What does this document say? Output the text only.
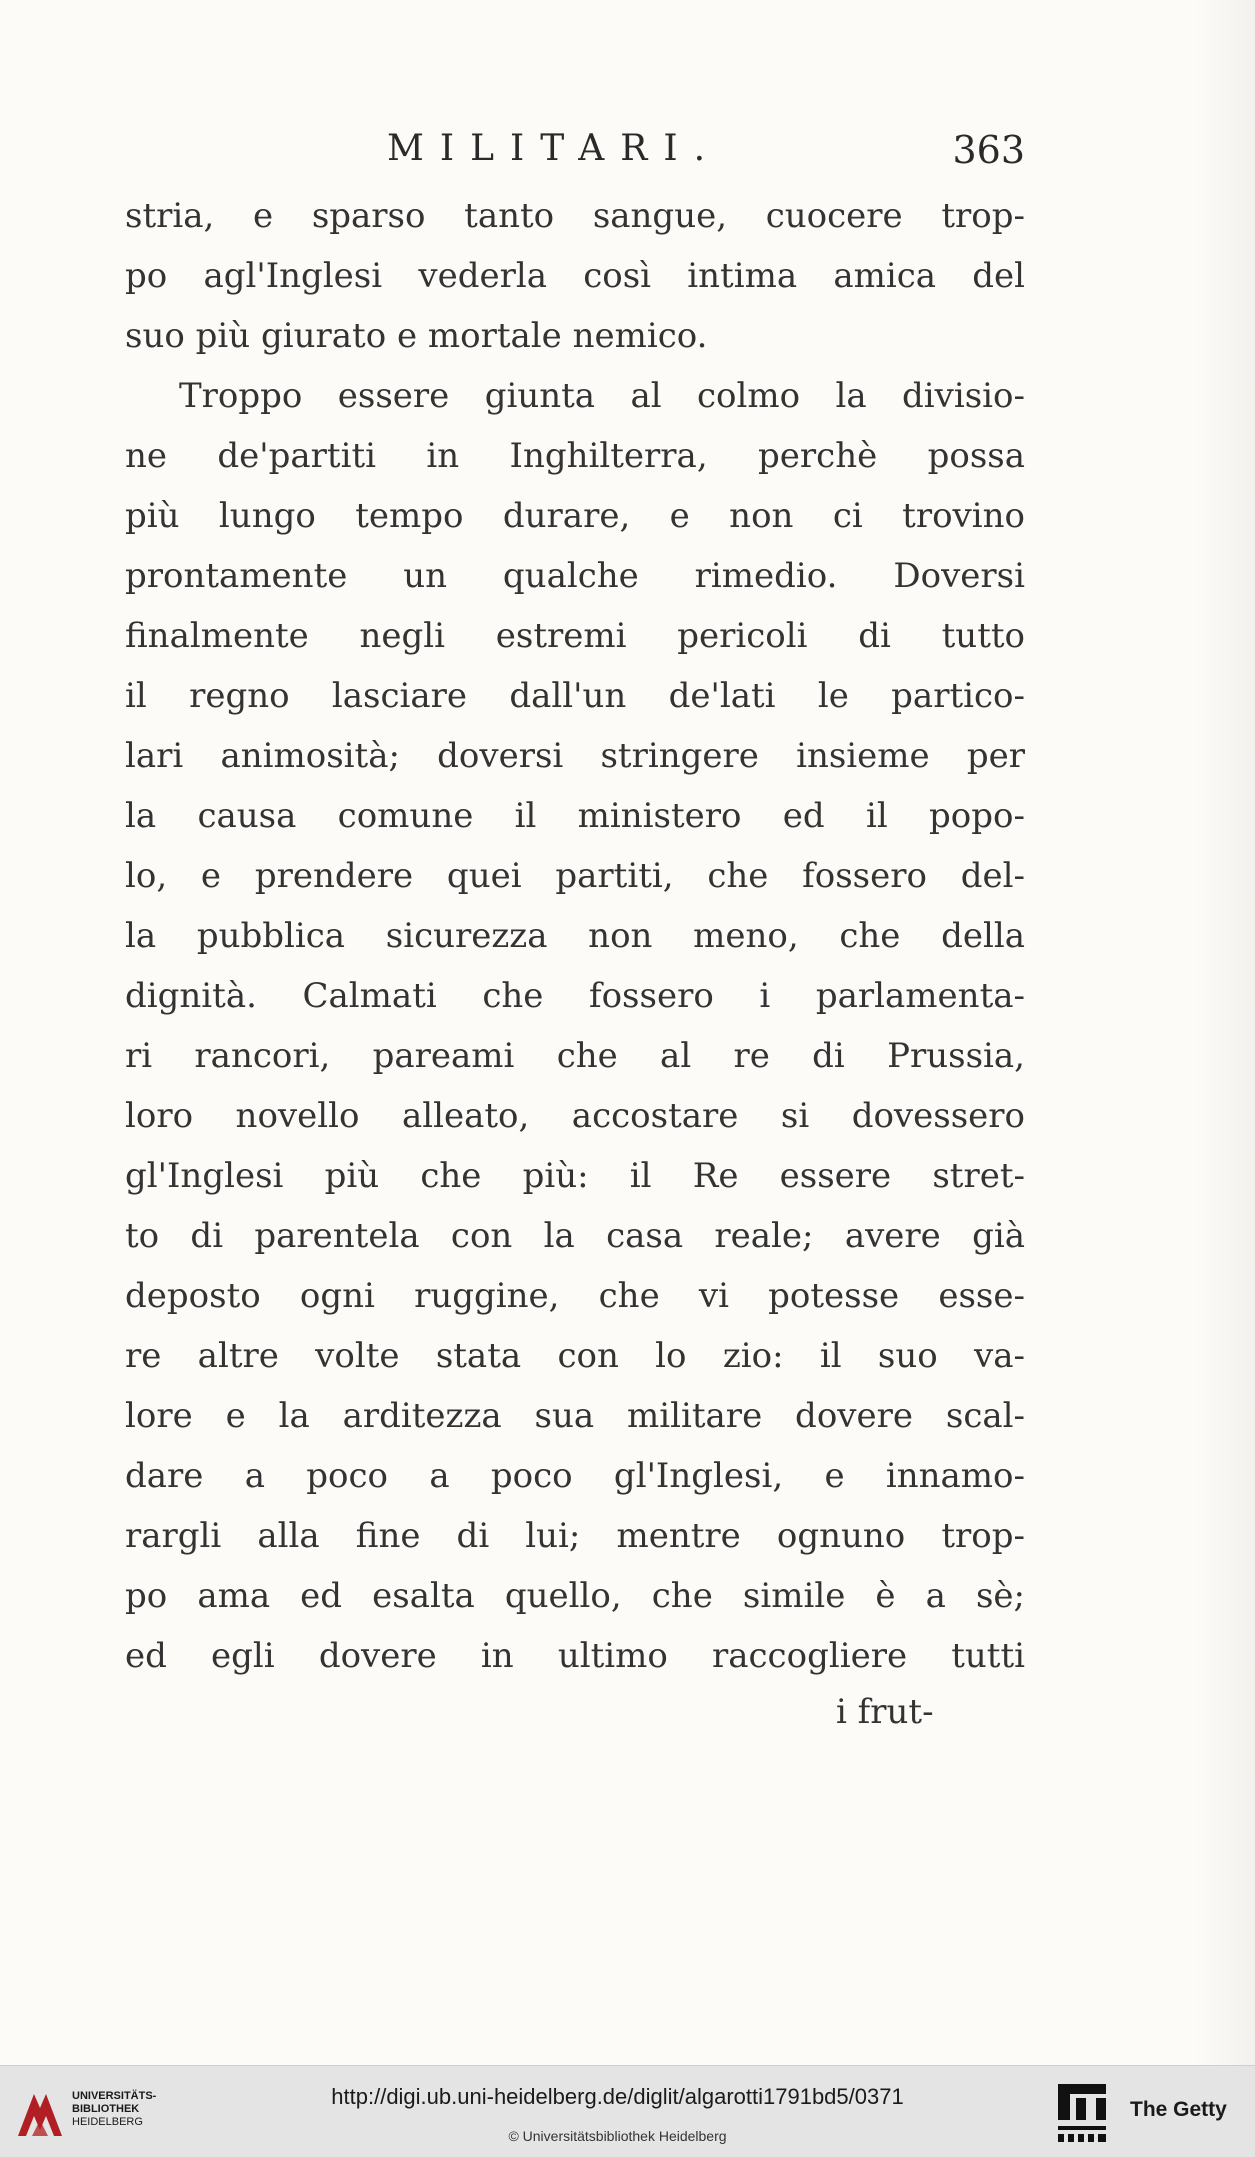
MILITARI.	363
stria, e sparso tanto sangue, cuocere trop-
po agl'Inglesi vederla così intima amica del
suo più giurato e mortale nemico.
Troppo essere giunta al colmo la divisio-
ne de'partiti in Inghilterra, perchè possa
più lungo tempo durare, e non ci trovino
prontamente un qualche rimedio. Doversi
finalmente negli estremi pericoli di tutto
il regno lasciare dall'un de'lati le partico-
lari animosità; doversi stringere insieme per
la causa comune il ministero ed il popo-
lo, e prendere quei partiti, che fossero del-
la pubblica sicurezza non meno, che della
dignità. Calmati che fossero i parlamenta-
ri rancori, pareami che al re di Prussia,
loro novello alleato, accostare si dovessero
gl'Inglesi più che più: il Re essere stret-
to di parentela con la casa reale; avere già
deposto ogni ruggine, che vi potesse esse-
re altre volte stata con lo zio: il suo va-
lore e la arditezza sua militare dovere scal-
dare a poco a poco gl'Inglesi, e innamo-
rargli alla fine di lui; mentre ognuno trop-
po ama ed esalta quello, che simile è a sè;
ed egli dovere in ultimo raccogliere tutti
i frut-
UNIVERSITÄTS-
BIBLIOTHEK
HEIDELBERG
http://digi.ub.uni-heidelberg.de/diglit/algarotti1791bd5/0371
© Universitätsbibliothek Heidelberg
The Getty
